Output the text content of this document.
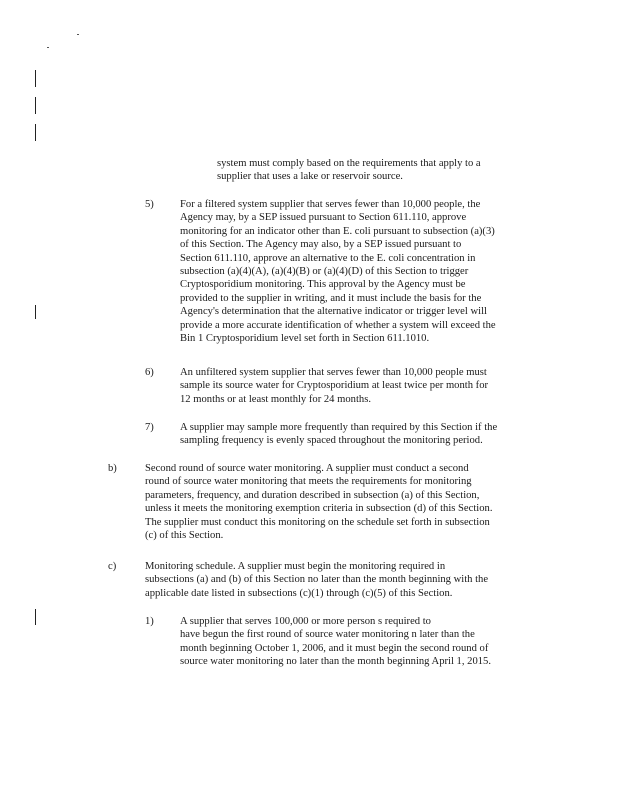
system must comply based on the requirements that apply to a
supplier that uses a lake or reservoir source.
5) For a filtered system supplier that serves fewer than 10,000 people, the
Agency may, by a SEP issued pursuant to Section 611.110, approve
monitoring for an indicator other than E. coli pursuant to subsection (a)(3)
of this Section. The Agency may also, by a SEP issued pursuant to
Section 611.110, approve an alternative to the E. coli concentration in
subsection (a)(4)(A), (a)(4)(B) or (a)(4)(D) of this Section to trigger
Cryptosporidium monitoring. This approval by the Agency must be
provided to the supplier in writing, and it must include the basis for the
Agency's determination that the alternative indicator or trigger level will
provide a more accurate identification of whether a system will exceed the
Bin 1 Cryptosporidium level set forth in Section 611.1010.
6) An unfiltered system supplier that serves fewer than 10,000 people must
sample its source water for Cryptosporidium at least twice per month for
12 months or at least monthly for 24 months.
7) A supplier may sample more frequently than required by this Section if the
sampling frequency is evenly spaced throughout the monitoring period.
b)	Second round of source water monitoring. A supplier must conduct a second
round of source water monitoring that meets the requirements for monitoring
parameters, frequency, and duration described in subsection (a) of this Section,
unless it meets the monitoring exemption criteria in subsection (d) of this Section.
The supplier must conduct this monitoring on the schedule set forth in subsection
(c) of this Section.
c)	Monitoring schedule. A supplier must begin the monitoring required in
subsections (a) and (b) of this Section no later than the month beginning with the
applicable date listed in subsections (c)(1) through (c)(5) of this Section.
1) A supplier that serves 100,000 or more person s required to
have begun the first round of source water monitoring n later than the
month beginning October 1, 2006, and it must begin the second round of
source water monitoring no later than the month beginning April 1, 2015.
